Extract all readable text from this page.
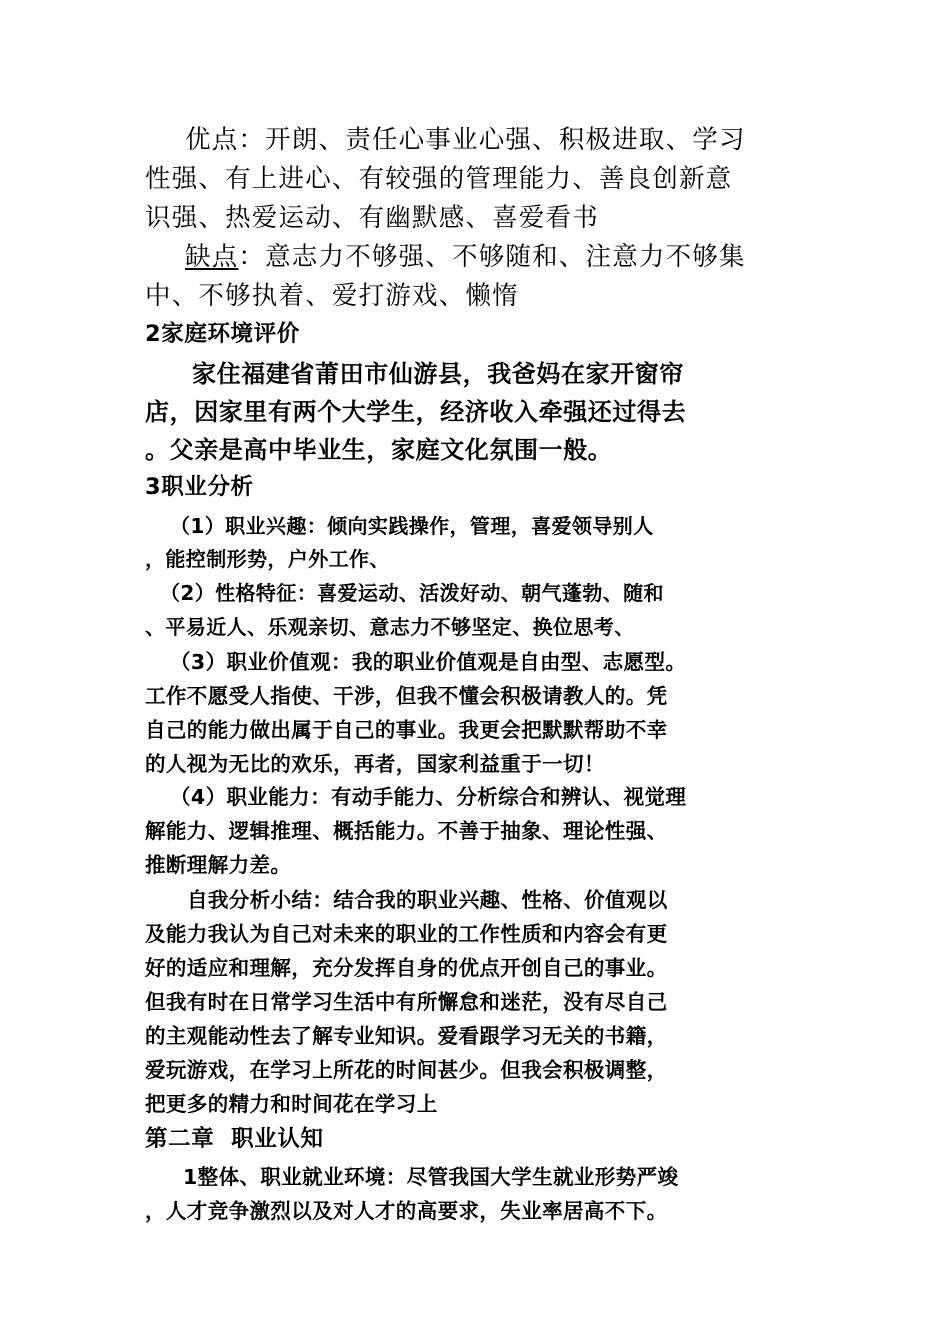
优点：开朗、责任心事业心强、积极进取、学习
性强、有上进心、有较强的管理能力、善良创新意
识强、热爱运动、有幽默感、喜爱看书
缺点：意志力不够强、不够随和、注意力不够集
中、不够执着、爱打游戏、懒惰
2家庭环境评价
家住福建省莆田市仙游县，我爸妈在家开窗帘
店，因家里有两个大学生，经济收入牵强还过得去
。父亲是高中毕业生，家庭文化氛围一般。
3职业分析
（1）职业兴趣：倾向实践操作，管理，喜爱领导别人
，能控制形势，户外工作、
（2）性格特征：喜爱运动、活泼好动、朝气蓬勃、随和
、平易近人、乐观亲切、意志力不够坚定、换位思考、
（3）职业价值观：我的职业价值观是自由型、志愿型。
工作不愿受人指使、干涉，但我不懂会积极请教人的。凭
自己的能力做出属于自己的事业。我更会把默默帮助不幸
的人视为无比的欢乐，再者，国家利益重于一切！
（4）职业能力：有动手能力、分析综合和辨认、视觉理
解能力、逻辑推理、概括能力。不善于抽象、理论性强、
推断理解力差。
自我分析小结：结合我的职业兴趣、性格、价值观以
及能力我认为自己对未来的职业的工作性质和内容会有更
好的适应和理解，充分发挥自身的优点开创自己的事业。
但我有时在日常学习生活中有所懈怠和迷茫，没有尽自己
的主观能动性去了解专业知识。爱看跟学习无关的书籍，
爱玩游戏，在学习上所花的时间甚少。但我会积极调整，
把更多的精力和时间花在学习上
第二章  职业认知
1整体、职业就业环境：尽管我国大学生就业形势严竣
，人才竞争激烈以及对人才的高要求，失业率居高不下。
